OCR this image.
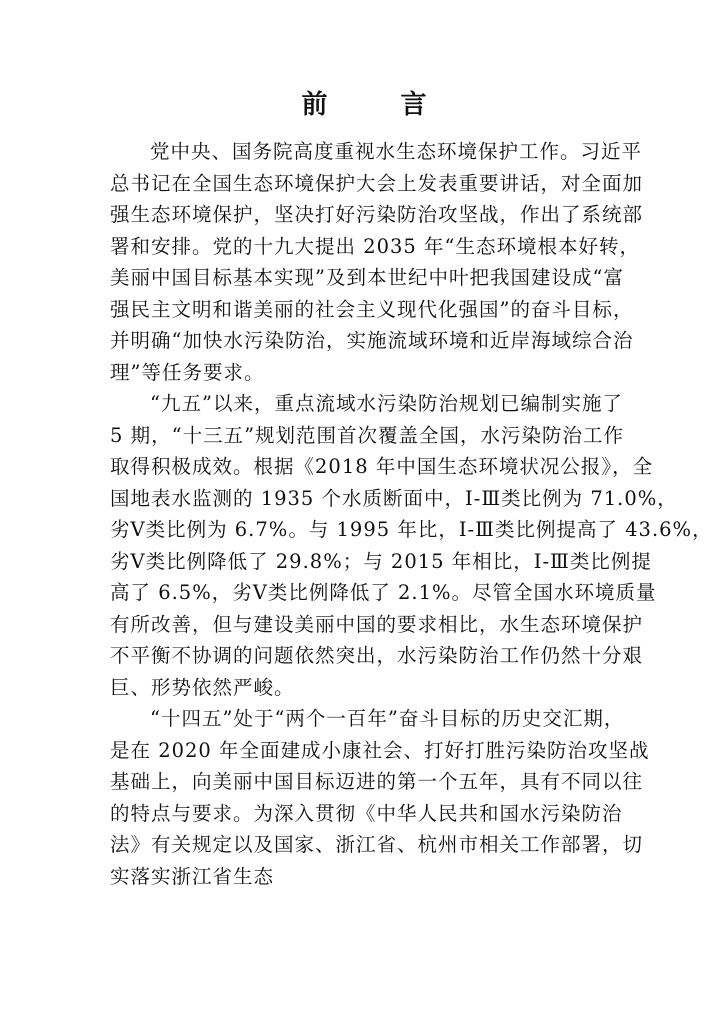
前 言

党中央、国务院高度重视水生态环境保护工作。习近平
总书记在全国生态环境保护大会上发表重要讲话，对全面加
强生态环境保护，坚决打好污染防治攻坚战，作出了系统部
署和安排。党的十九大提出 2035 年“生态环境根本好转，
美丽中国目标基本实现”及到本世纪中叶把我国建设成“富
强民主文明和谐美丽的社会主义现代化强国”的奋斗目标，
并明确“加快水污染防治，实施流域环境和近岸海域综合治
理”等任务要求。

“九五”以来，重点流域水污染防治规划已编制实施了
5 期，“十三五”规划范围首次覆盖全国，水污染防治工作
取得积极成效。根据《2018 年中国生态环境状况公报》，全
国地表水监测的 1935 个水质断面中，Ⅰ-Ⅲ类比例为 71.0%，
劣Ⅴ类比例为 6.7%。与 1995 年比，Ⅰ-Ⅲ类比例提高了 43.6%，
劣Ⅴ类比例降低了 29.8%；与 2015 年相比，Ⅰ-Ⅲ类比例提
高了 6.5%，劣Ⅴ类比例降低了 2.1%。尽管全国水环境质量
有所改善，但与建设美丽中国的要求相比，水生态环境保护
不平衡不协调的问题依然突出，水污染防治工作仍然十分艰
巨、形势依然严峻。

“十四五”处于“两个一百年”奋斗目标的历史交汇期，
是在 2020 年全面建成小康社会、打好打胜污染防治攻坚战
基础上，向美丽中国目标迈进的第一个五年，具有不同以往
的特点与要求。为深入贯彻《中华人民共和国水污染防治
法》有关规定以及国家、浙江省、杭州市相关工作部署，切
实落实浙江省生态
